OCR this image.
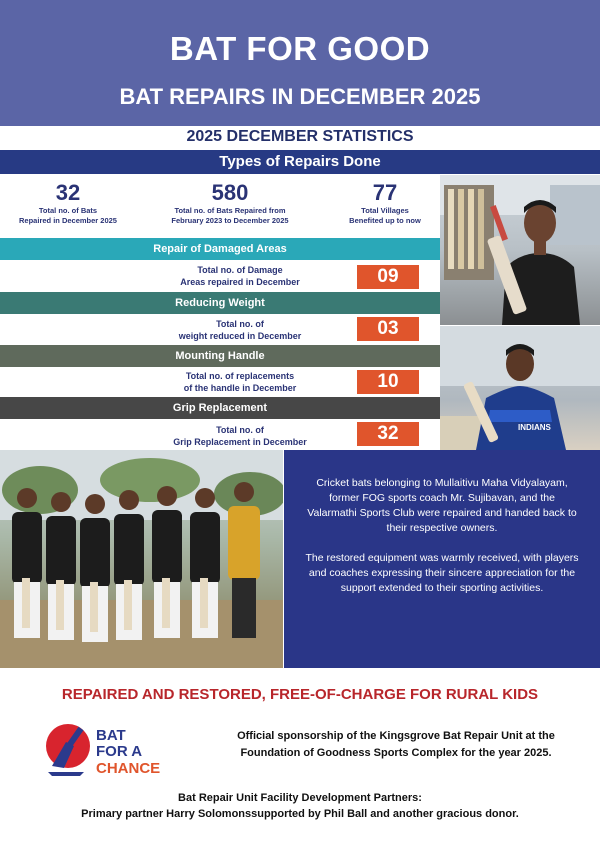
BAT FOR GOOD
BAT REPAIRS IN DECEMBER 2025
2025 DECEMBER STATISTICS
Types of Repairs Done
32
Total no. of Bats
Repaired in December 2025
580
Total no. of Bats Repaired from
February 2023 to December 2025
77
Total Villages
Benefited up to now
Repair of Damaged Areas
Total no. of Damage
Areas repaired in December	09
Reducing Weight
Total no. of
weight reduced in December	03
Mounting Handle
Total no. of replacements
of the handle in December	10
Grip Replacement
Total no. of
Grip Replacement in December	32	INDIANS

Cricket bats belonging to Mullaitivu Maha Vidyalayam, former FOG sports coach Mr. Sujibavan, and the Valarmathi Sports Club were repaired and handed back to their respective owners.

The restored equipment was warmly received, with players and coaches expressing their sincere appreciation for the support extended to their sporting activities.

REPAIRED AND RESTORED, FREE-OF-CHARGE FOR RURAL KIDS
BAT
FOR A
CHANCE
Official sponsorship of the Kingsgrove Bat Repair Unit at the
Foundation of Goodness Sports Complex for the year 2025.
Bat Repair Unit Facility Development Partners:
Primary partner Harry Solomonssupported by Phil Ball and another gracious donor.
